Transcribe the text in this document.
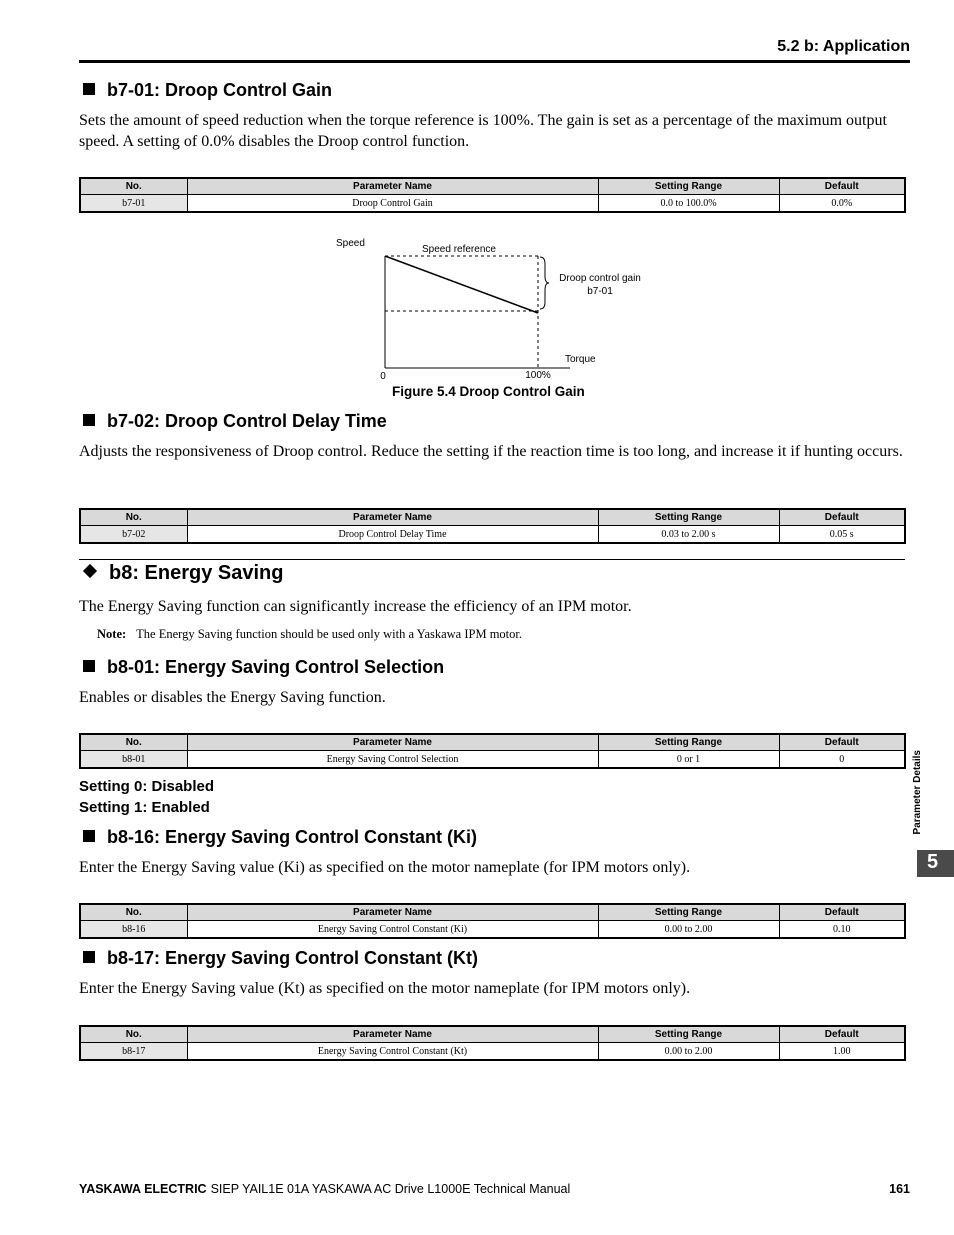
5.2 b: Application
b7-01: Droop Control Gain
Sets the amount of speed reduction when the torque reference is 100%. The gain is set as a percentage of the maximum output speed. A setting of 0.0% disables the Droop control function.
No.	Parameter Name	Setting Range	Default
b7-01	Droop Control Gain	0.0 to 100.0%	0.0%
Speed
Speed reference
Droop control gain
b7-01
Torque
0	100%
Figure 5.4 Droop Control Gain
b7-02: Droop Control Delay Time
Adjusts the responsiveness of Droop control. Reduce the setting if the reaction time is too long, and increase it if hunting occurs.
No.	Parameter Name	Setting Range	Default
b7-02	Droop Control Delay Time	0.03 to 2.00 s	0.05 s
b8: Energy Saving
The Energy Saving function can significantly increase the efficiency of an IPM motor.
Note: The Energy Saving function should be used only with a Yaskawa IPM motor.
b8-01: Energy Saving Control Selection
Enables or disables the Energy Saving function.
No.	Parameter Name	Setting Range	Default
b8-01	Energy Saving Control Selection	0 or 1	0
Setting 0: Disabled
Setting 1: Enabled
b8-16: Energy Saving Control Constant (Ki)
Enter the Energy Saving value (Ki) as specified on the motor nameplate (for IPM motors only).
No.	Parameter Name	Setting Range	Default
b8-16	Energy Saving Control Constant (Ki)	0.00 to 2.00	0.10
b8-17: Energy Saving Control Constant (Kt)
Enter the Energy Saving value (Kt) as specified on the motor nameplate (for IPM motors only).
No.	Parameter Name	Setting Range	Default
b8-17	Energy Saving Control Constant (Kt)	0.00 to 2.00	1.00
Parameter Details
5
YASKAWA ELECTRIC SIEP YAIL1E 01A YASKAWA AC Drive L1000E Technical Manual	161
